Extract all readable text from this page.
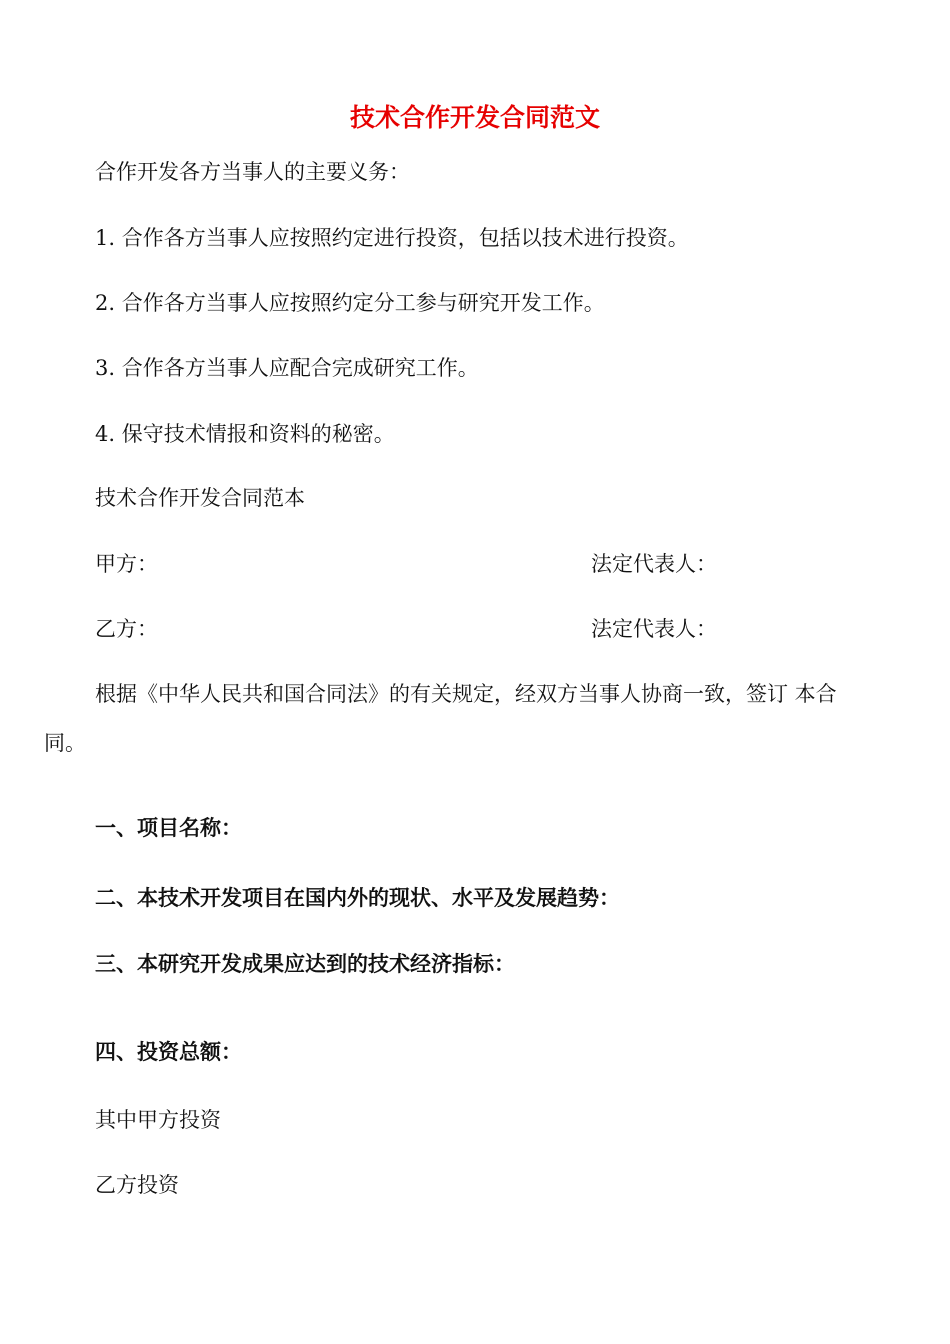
技术合作开发合同范文
合作开发各方当事人的主要义务：
1. 合作各方当事人应按照约定进行投资，包括以技术进行投资。
2. 合作各方当事人应按照约定分工参与研究开发工作。
3. 合作各方当事人应配合完成研究工作。
4. 保守技术情报和资料的秘密。
技术合作开发合同范本
甲方：	法定代表人：
乙方：	法定代表人：
根据《中华人民共和国合同法》的有关规定，经双方当事人协商一致，签订 本合
同。
一、项目名称：
二、本技术开发项目在国内外的现状、水平及发展趋势：
三、本研究开发成果应达到的技术经济指标：
四、投资总额：
其中甲方投资
乙方投资
